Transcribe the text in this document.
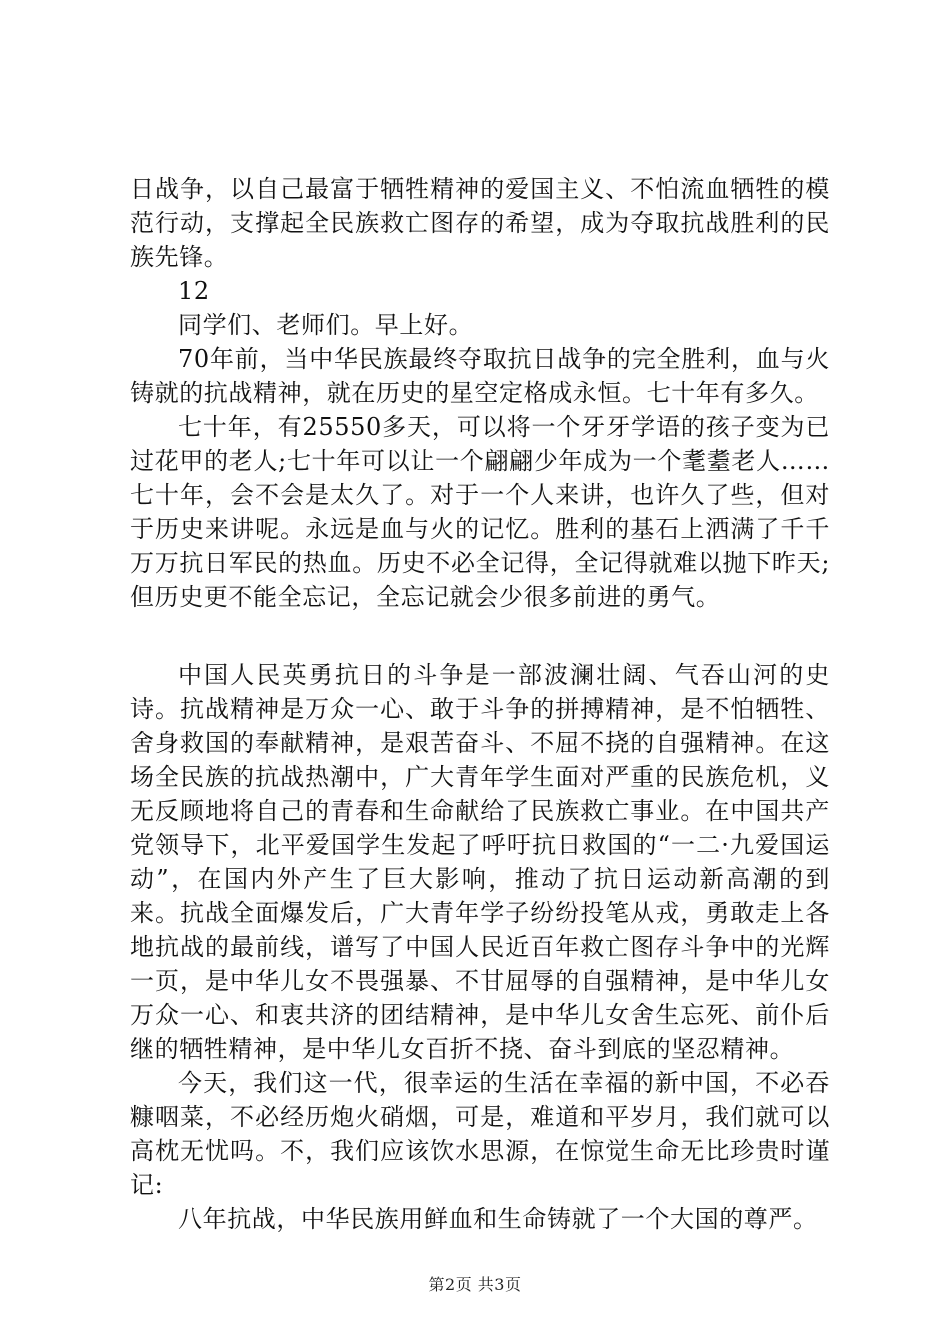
日战争，以自己最富于牺牲精神的爱国主义、不怕流血牺牲的模范行动，支撑起全民族救亡图存的希望，成为夺取抗战胜利的民族先锋。

12

同学们、老师们。早上好。

70年前，当中华民族最终夺取抗日战争的完全胜利，血与火铸就的抗战精神，就在历史的星空定格成永恒。七十年有多久。

七十年，有25550多天，可以将一个牙牙学语的孩子变为已过花甲的老人;七十年可以让一个翩翩少年成为一个耄耋老人……七十年，会不会是太久了。对于一个人来讲，也许久了些，但对于历史来讲呢。永远是血与火的记忆。胜利的基石上洒满了千千万万抗日军民的热血。历史不必全记得，全记得就难以抛下昨天;但历史更不能全忘记，全忘记就会少很多前进的勇气。

中国人民英勇抗日的斗争是一部波澜壮阔、气吞山河的史诗。抗战精神是万众一心、敢于斗争的拼搏精神，是不怕牺牲、舍身救国的奉献精神，是艰苦奋斗、不屈不挠的自强精神。在这场全民族的抗战热潮中，广大青年学生面对严重的民族危机，义无反顾地将自己的青春和生命献给了民族救亡事业。在中国共产党领导下，北平爱国学生发起了呼吁抗日救国的“一二·九爱国运动”，在国内外产生了巨大影响，推动了抗日运动新高潮的到来。抗战全面爆发后，广大青年学子纷纷投笔从戎，勇敢走上各地抗战的最前线，谱写了中国人民近百年救亡图存斗争中的光辉一页，是中华儿女不畏强暴、不甘屈辱的自强精神，是中华儿女万众一心、和衷共济的团结精神，是中华儿女舍生忘死、前仆后继的牺牲精神，是中华儿女百折不挠、奋斗到底的坚忍精神。

今天，我们这一代，很幸运的生活在幸福的新中国，不必吞糠咽菜，不必经历炮火硝烟，可是，难道和平岁月，我们就可以高枕无忧吗。不，我们应该饮水思源，在惊觉生命无比珍贵时谨记:

八年抗战，中华民族用鲜血和生命铸就了一个大国的尊严。

第2页 共3页
